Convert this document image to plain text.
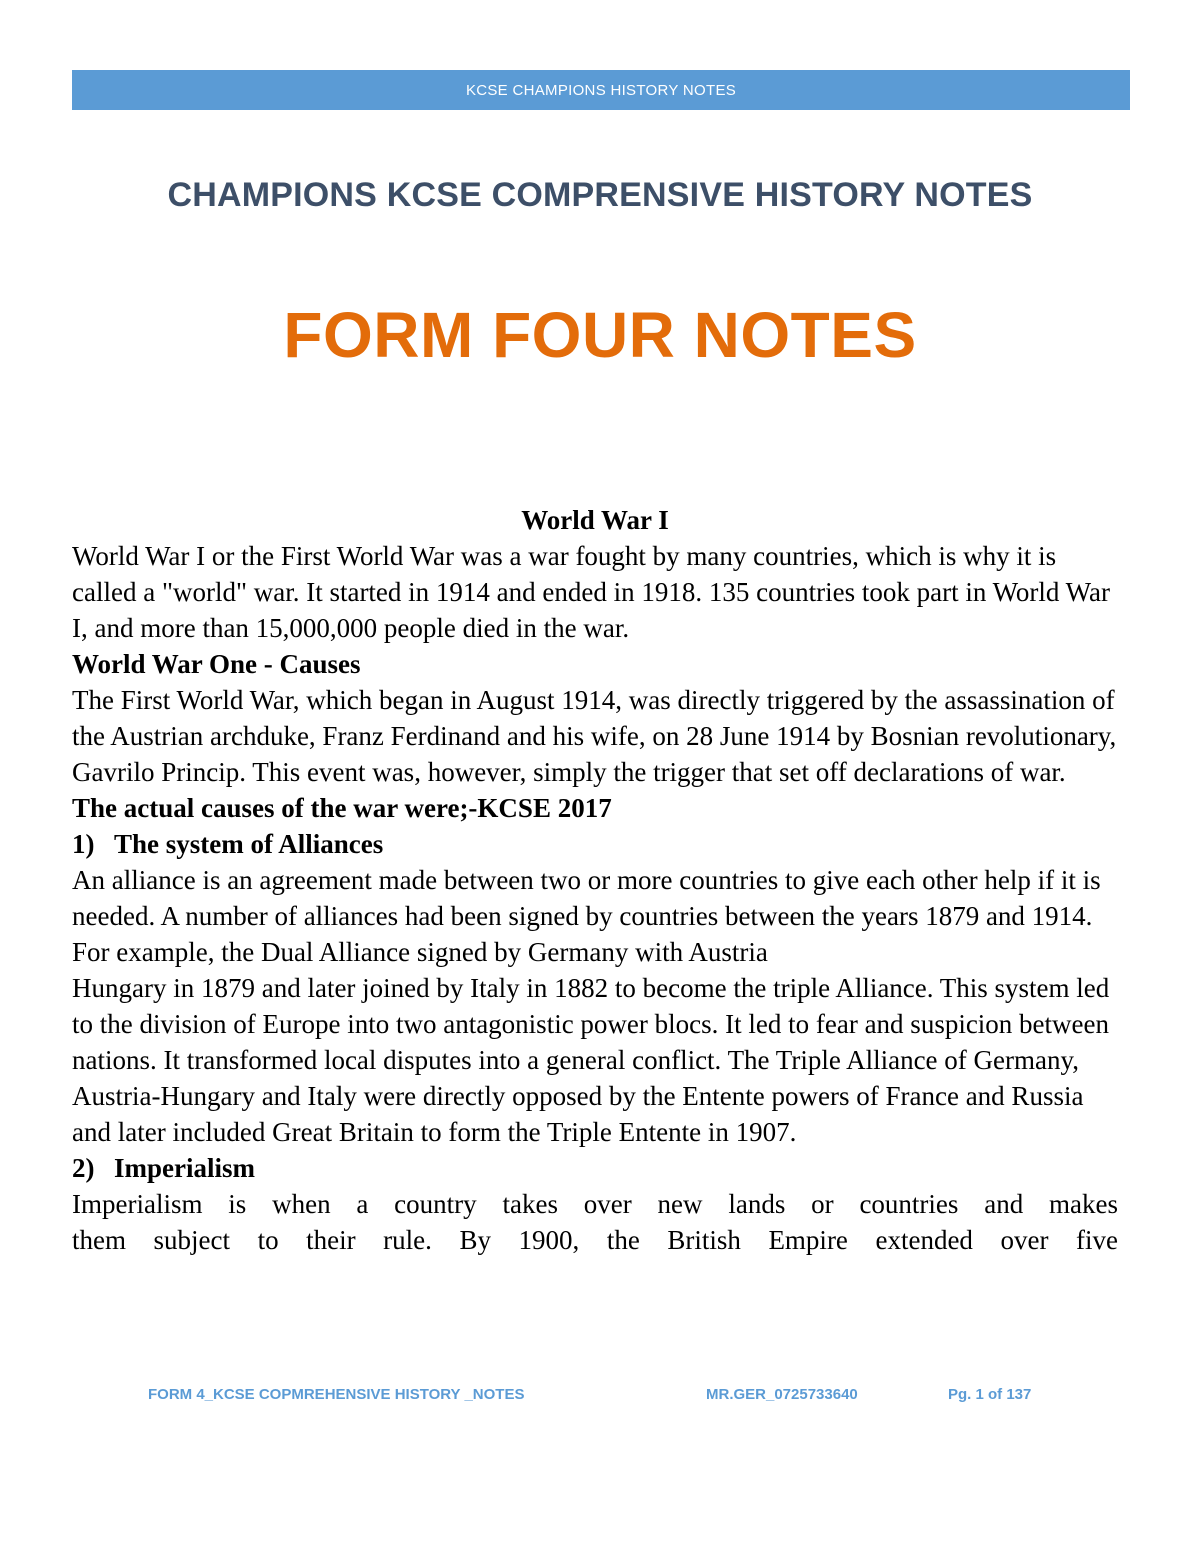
KCSE CHAMPIONS HISTORY NOTES
CHAMPIONS KCSE COMPRENSIVE HISTORY NOTES
FORM FOUR NOTES
World War I

World War I or the First World War was a war fought by many countries, which is why it is called a "world" war. It started in 1914 and ended in 1918. 135 countries took part in World War I, and more than 15,000,000 people died in the war.

World War One - Causes

The First World War, which began in August 1914, was directly triggered by the assassination of the Austrian archduke, Franz Ferdinand and his wife, on 28 June 1914 by Bosnian revolutionary, Gavrilo Princip. This event was, however, simply the trigger that set off declarations of war.

The actual causes of the war were;-KCSE 2017
1) The system of Alliances

An alliance is an agreement made between two or more countries to give each other help if it is needed. A number of alliances had been signed by countries between the years 1879 and 1914. For example, the Dual Alliance signed by Germany with Austria

Hungary in 1879 and later joined by Italy in 1882 to become the triple Alliance. This system led to the division of Europe into two antagonistic power blocs. It led to fear and suspicion between nations. It transformed local disputes into a general conflict. The Triple Alliance of Germany, Austria-Hungary and Italy were directly opposed by the Entente powers of France and Russia and later included Great Britain to form the Triple Entente in 1907.

2) Imperialism

Imperialism is when a country takes over new lands or countries and makes

them subject to their rule. By 1900, the British Empire extended over five

FORM 4_KCSE COPMREHENSIVE HISTORY _NOTES	MR.GER_0725733640	Pg. 1 of 137
